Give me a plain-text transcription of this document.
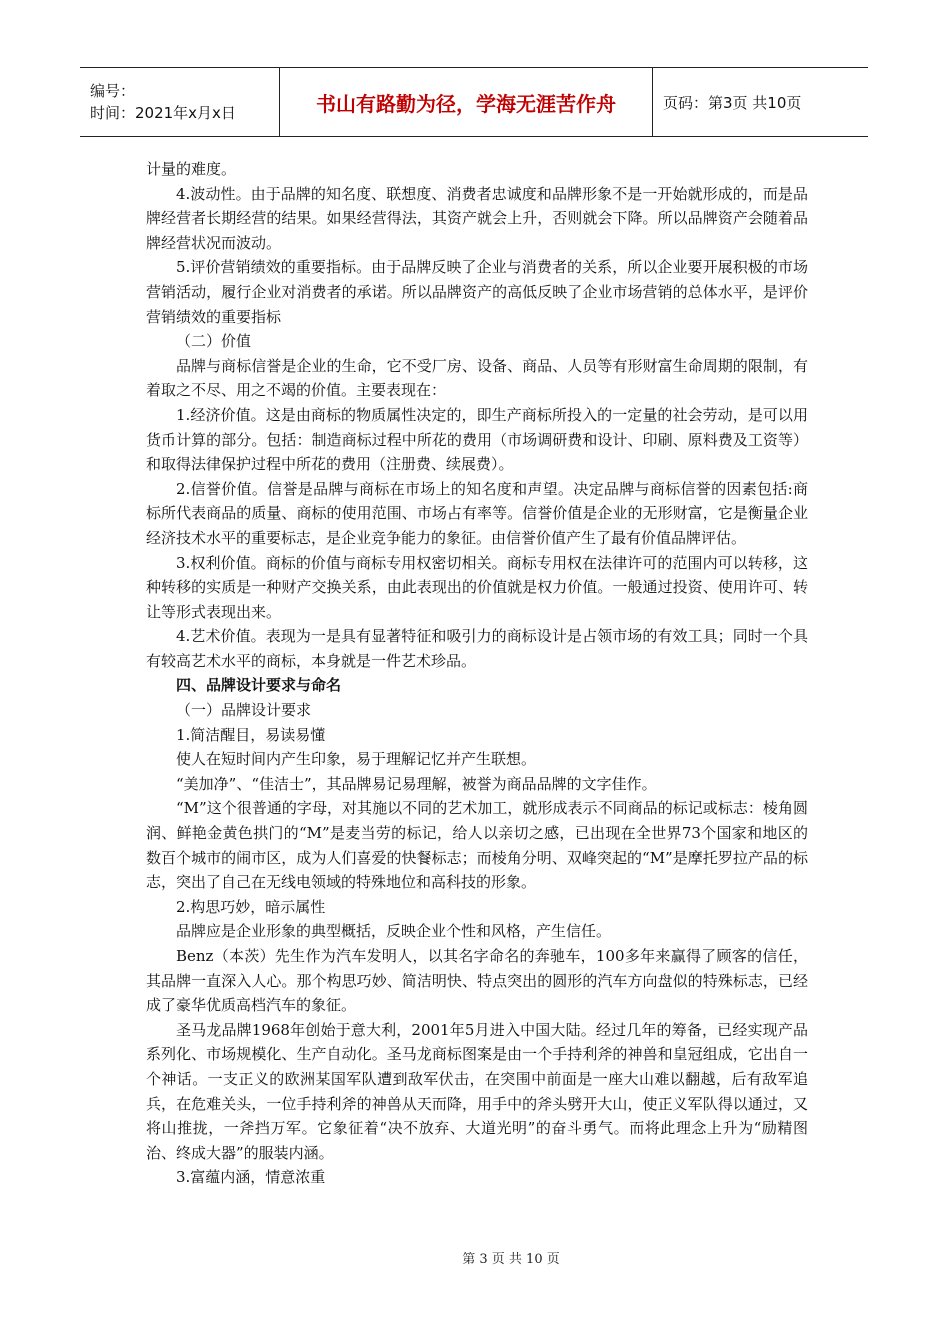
编号：
时间：2021年x月x日	书山有路勤为径，学海无涯苦作舟	页码：第3页 共10页

计量的难度。

4.波动性。由于品牌的知名度、联想度、消费者忠诚度和品牌形象不是一开始就形成的，而是品牌经营者长期经营的结果。如果经营得法，其资产就会上升，否则就会下降。所以品牌资产会随着品牌经营状况而波动。

5.评价营销绩效的重要指标。由于品牌反映了企业与消费者的关系，所以企业要开展积极的市场营销活动，履行企业对消费者的承诺。所以品牌资产的高低反映了企业市场营销的总体水平，是评价营销绩效的重要指标

（二）价值

品牌与商标信誉是企业的生命，它不受厂房、设备、商品、人员等有形财富生命周期的限制，有着取之不尽、用之不竭的价值。主要表现在：

1.经济价值。这是由商标的物质属性决定的，即生产商标所投入的一定量的社会劳动，是可以用货币计算的部分。包括：制造商标过程中所花的费用（市场调研费和设计、印刷、原料费及工资等）和取得法律保护过程中所花的费用（注册费、续展费）。

2.信誉价值。信誉是品牌与商标在市场上的知名度和声望。决定品牌与商标信誉的因素包括:商标所代表商品的质量、商标的使用范围、市场占有率等。信誉价值是企业的无形财富，它是衡量企业经济技术水平的重要标志，是企业竞争能力的象征。由信誉价值产生了最有价值品牌评估。

3.权利价值。商标的价值与商标专用权密切相关。商标专用权在法律许可的范围内可以转移，这种转移的实质是一种财产交换关系，由此表现出的价值就是权力价值。一般通过投资、使用许可、转让等形式表现出来。

4.艺术价值。表现为一是具有显著特征和吸引力的商标设计是占领市场的有效工具；同时一个具有较高艺术水平的商标，本身就是一件艺术珍品。

四、品牌设计要求与命名

（一）品牌设计要求

1.简洁醒目，易读易懂

使人在短时间内产生印象，易于理解记忆并产生联想。

“美加净”、“佳洁士”，其品牌易记易理解，被誉为商品品牌的文字佳作。

“M”这个很普通的字母，对其施以不同的艺术加工，就形成表示不同商品的标记或标志：棱角圆润、鲜艳金黄色拱门的“M”是麦当劳的标记，给人以亲切之感，已出现在全世界73个国家和地区的数百个城市的闹市区，成为人们喜爱的快餐标志；而棱角分明、双峰突起的“M”是摩托罗拉产品的标志，突出了自己在无线电领域的特殊地位和高科技的形象。

2.构思巧妙，暗示属性

品牌应是企业形象的典型概括，反映企业个性和风格，产生信任。

Benz（本茨）先生作为汽车发明人，以其名字命名的奔驰车，100多年来赢得了顾客的信任，其品牌一直深入人心。那个构思巧妙、简洁明快、特点突出的圆形的汽车方向盘似的特殊标志，已经成了豪华优质高档汽车的象征。

圣马龙品牌1968年创始于意大利，2001年5月进入中国大陆。经过几年的筹备，已经实现产品系列化、市场规模化、生产自动化。圣马龙商标图案是由一个手持利斧的神兽和皇冠组成，它出自一个神话。一支正义的欧洲某国军队遭到敌军伏击，在突围中前面是一座大山难以翻越，后有敌军追兵，在危难关头，一位手持利斧的神兽从天而降，用手中的斧头劈开大山，使正义军队得以通过，又将山推拢，一斧挡万军。它象征着“决不放弃、大道光明”的奋斗勇气。而将此理念上升为“励精图治、终成大器”的服装内涵。

3.富蕴内涵，情意浓重

第 3 页 共 10 页
